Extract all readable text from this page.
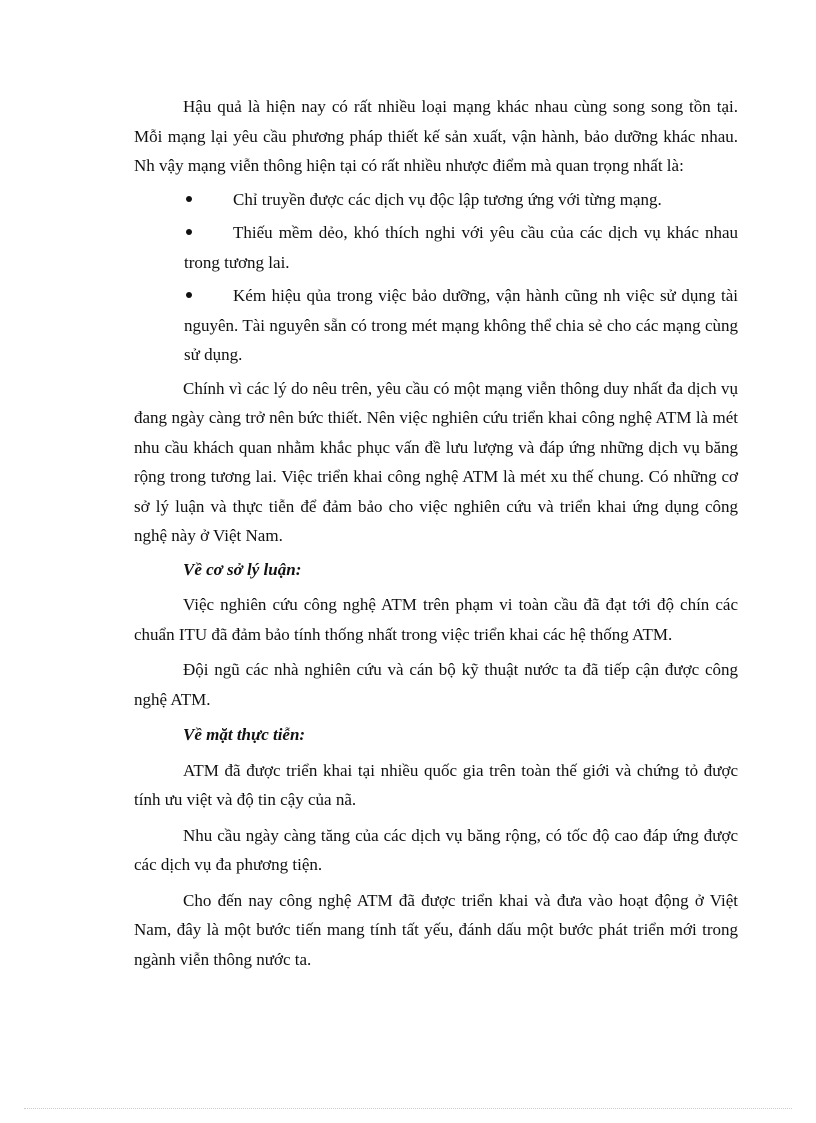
Hậu quả là hiện nay có rất nhiều loại mạng khác nhau cùng song song tồn tại. Mỗi mạng lại yêu cầu phương pháp thiết kế sản xuất, vận hành, bảo dưỡng khác nhau. Nh vậy mạng viễn thông hiện tại có rất nhiều nhược điểm mà quan trọng nhất là:

Chỉ truyền được các dịch vụ độc lập tương ứng với từng mạng.
Thiếu mềm dẻo, khó thích nghi với yêu cầu của các dịch vụ khác nhau trong tương lai.
Kém hiệu qủa trong việc bảo dưỡng, vận hành cũng nh việc sử dụng tài nguyên. Tài nguyên sẵn có trong mét mạng không thể chia sẻ cho các mạng cùng sử dụng.

Chính vì các lý do nêu trên, yêu cầu có một mạng viễn thông duy nhất đa dịch vụ đang ngày càng trở nên bức thiết. Nên việc nghiên cứu triển khai công nghệ ATM là mét nhu cầu khách quan nhằm khắc phục vấn đề lưu lượng và đáp ứng những dịch vụ băng rộng trong tương lai. Việc triển khai công nghệ ATM là mét xu thế chung. Có những cơ sở lý luận và thực tiễn để đảm bảo cho việc nghiên cứu và triển khai ứng dụng công nghệ này ở Việt Nam.

Về cơ sở lý luận:

Việc nghiên cứu công nghệ ATM trên phạm vi toàn cầu đã đạt tới độ chín các chuẩn ITU đã đảm bảo tính thống nhất trong việc triển khai các hệ thống ATM.

Đội ngũ các nhà nghiên cứu và cán bộ kỹ thuật nước ta đã tiếp cận được công nghệ ATM.

Về mặt thực tiễn:

ATM đã được triển khai tại nhiều quốc gia trên toàn thế giới và chứng tỏ được tính ưu việt và độ tin cậy của nã.

Nhu cầu ngày càng tăng của các dịch vụ băng rộng, có tốc độ cao đáp ứng được các dịch vụ đa phương tiện.

Cho đến nay công nghệ ATM đã được triển khai và đưa vào hoạt động ở Việt Nam, đây là một bước tiến mang tính tất yếu, đánh dấu một bước phát triển mới trong ngành viễn thông nước ta.
